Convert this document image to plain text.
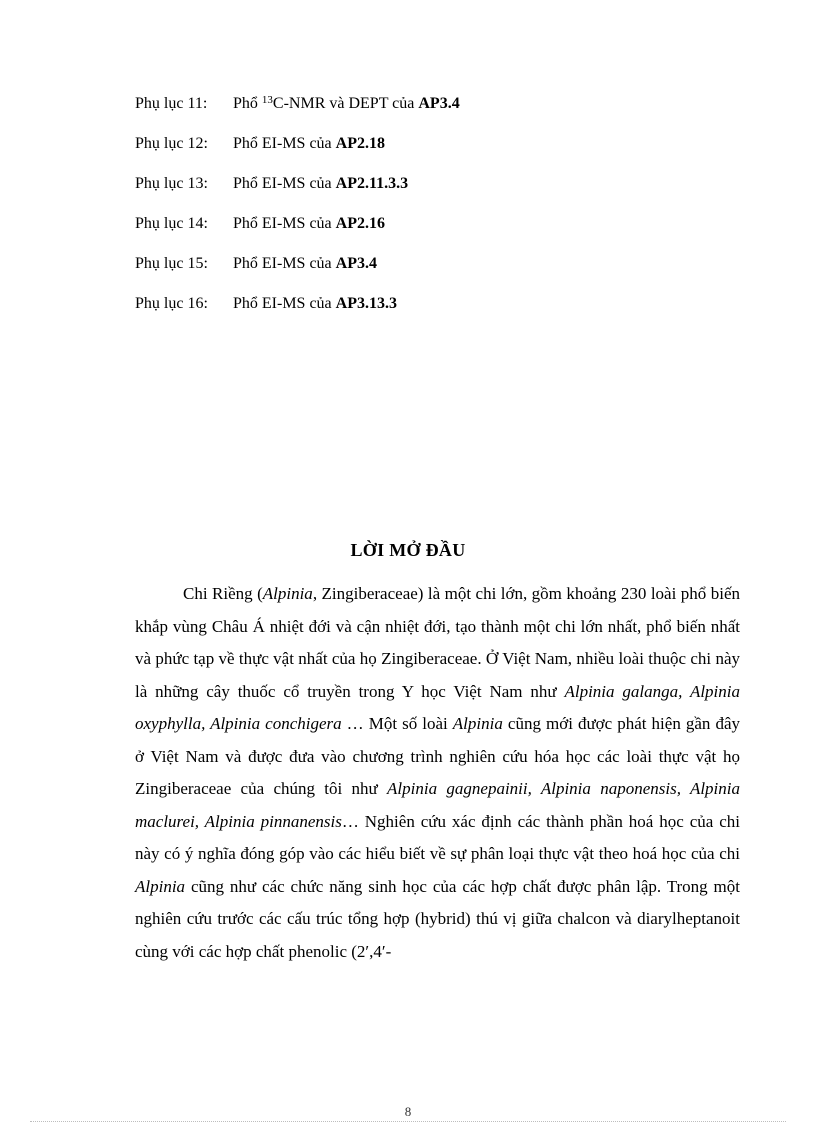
Phụ lục 11: Phổ $^{13}$C-NMR và DEPT của AP3.4
Phụ lục 12: Phổ EI-MS của AP2.18
Phụ lục 13: Phổ EI-MS của AP2.11.3.3
Phụ lục 14: Phổ EI-MS của AP2.16
Phụ lục 15: Phổ EI-MS của AP3.4
Phụ lục 16: Phổ EI-MS của AP3.13.3
LỜI MỞ ĐẦU

Chi Riềng (Alpinia, Zingiberaceae) là một chi lớn, gồm khoảng 230 loài phổ biến khắp vùng Châu Á nhiệt đới và cận nhiệt đới, tạo thành một chi lớn nhất, phổ biến nhất và phức tạp về thực vật nhất của họ Zingiberaceae. Ở Việt Nam, nhiều loài thuộc chi này là những cây thuốc cổ truyền trong Y học Việt Nam như Alpinia galanga, Alpinia oxyphylla, Alpinia conchigera … Một số loài Alpinia cũng mới được phát hiện gần đây ở Việt Nam và được đưa vào chương trình nghiên cứu hóa học các loài thực vật họ Zingiberaceae của chúng tôi như Alpinia gagnepainii, Alpinia naponensis, Alpinia maclurei, Alpinia pinnanensis… Nghiên cứu xác định các thành phần hoá học của chi này có ý nghĩa đóng góp vào các hiểu biết về sự phân loại thực vật theo hoá học của chi Alpinia cũng như các chức năng sinh học của các hợp chất được phân lập. Trong một nghiên cứu trước các cấu trúc tổng hợp (hybrid) thú vị giữa chalcon và diarylheptanoit cùng với các hợp chất phenolic (2′,4′-

8
